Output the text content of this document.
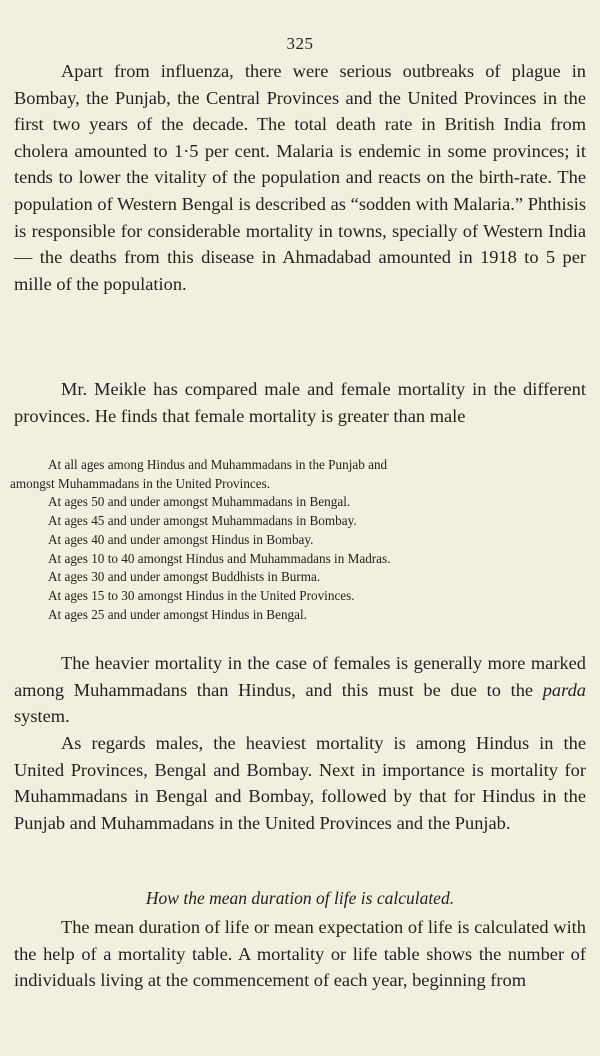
325

Apart from influenza, there were serious outbreaks of plague in Bombay, the Punjab, the Central Provinces and the United Provinces in the first two years of the decade. The total death rate in British India from cholera amounted to 1·5 per cent. Malaria is endemic in some provinces; it tends to lower the vitality of the population and reacts on the birth-rate. The population of Western Bengal is described as “sodden with Malaria.” Phthisis is responsible for considerable mortality in towns, specially of Western India— the deaths from this disease in Ahmadabad amounted in 1918 to 5 per mille of the population.

Mr. Meikle has compared male and female mortality in the different provinces. He finds that female mortality is greater than male

At all ages among Hindus and Muhammadans in the Punjab and
amongst Muhammadans in the United Provinces.
At ages 50 and under amongst Muhammadans in Bengal.
At ages 45 and under amongst Muhammadans in Bombay.
At ages 40 and under amongst Hindus in Bombay.
At ages 10 to 40 amongst Hindus and Muhammadans in Madras.
At ages 30 and under amongst Buddhists in Burma.
At ages 15 to 30 amongst Hindus in the United Provinces.
At ages 25 and under amongst Hindus in Bengal.

The heavier mortality in the case of females is generally more marked among Muhammadans than Hindus, and this must be due to the parda system.

As regards males, the heaviest mortality is among Hindus in the United Provinces, Bengal and Bombay. Next in importance is mortality for Muhammadans in Bengal and Bombay, followed by that for Hindus in the Punjab and Muhammadans in the United Provinces and the Punjab.

How the mean duration of life is calculated.

The mean duration of life or mean expectation of life is calculated with the help of a mortality table. A mortality or life table shows the number of individuals living at the commencement of each year, beginning from
